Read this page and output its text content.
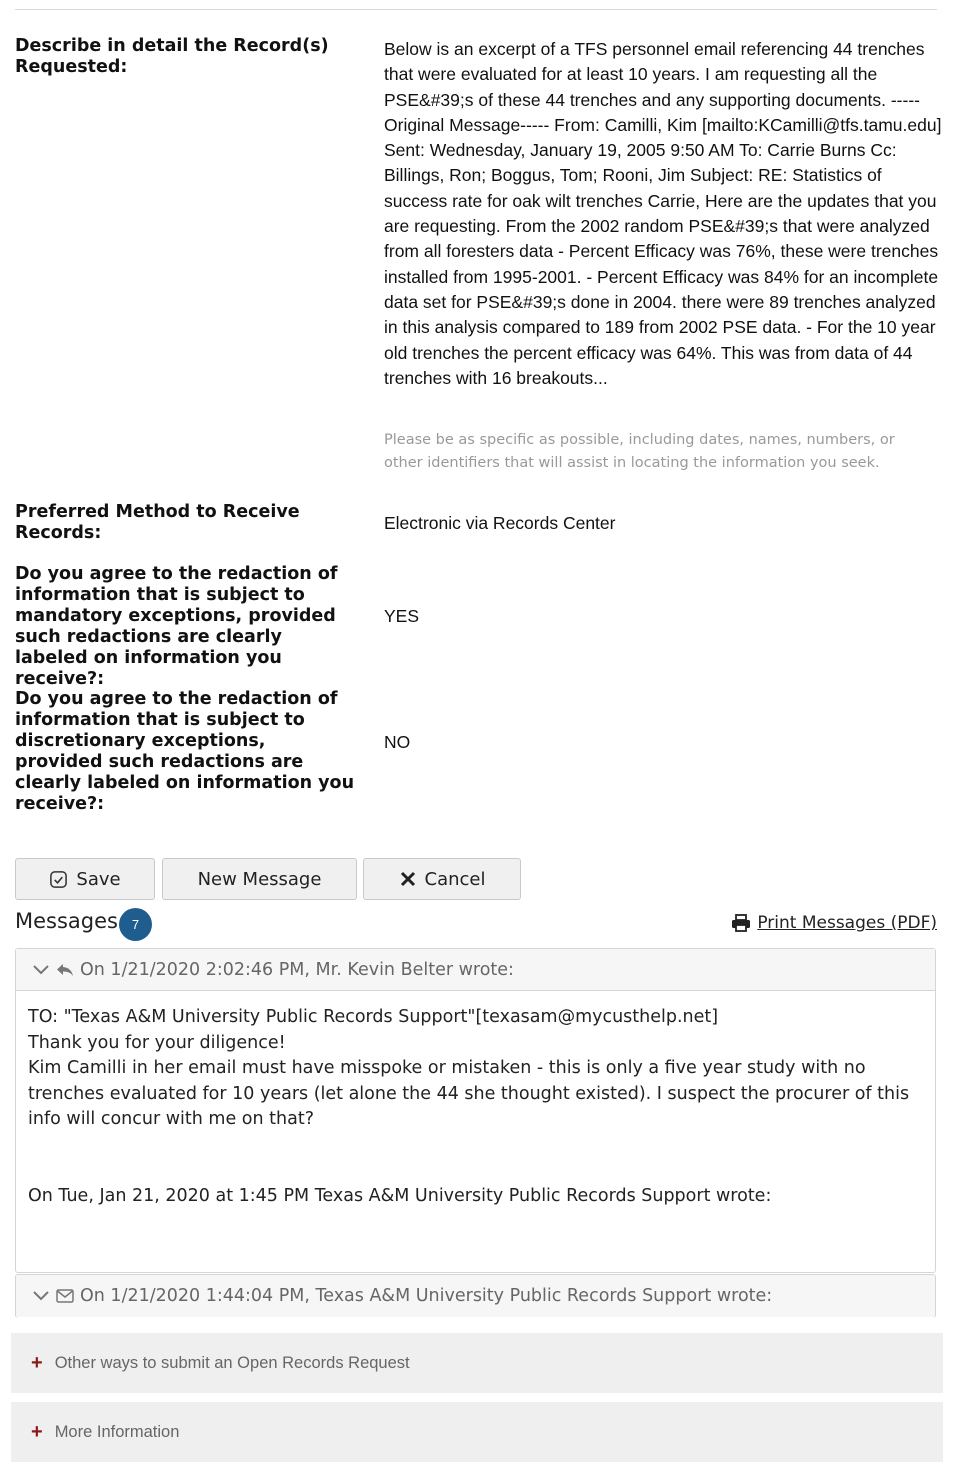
Describe in detail the Record(s) Requested:
Below is an excerpt of a TFS personnel email referencing 44 trenches that were evaluated for at least 10 years. I am requesting all the PSE&#39;s of these 44 trenches and any supporting documents. -----Original Message----- From: Camilli, Kim [mailto:KCamilli@tfs.tamu.edu] Sent: Wednesday, January 19, 2005 9:50 AM To: Carrie Burns Cc: Billings, Ron; Boggus, Tom; Rooni, Jim Subject: RE: Statistics of success rate for oak wilt trenches Carrie, Here are the updates that you are requesting. From the 2002 random PSE&#39;s that were analyzed from all foresters data - Percent Efficacy was 76%, these were trenches installed from 1995-2001. - Percent Efficacy was 84% for an incomplete data set for PSE&#39;s done in 2004. there were 89 trenches analyzed in this analysis compared to 189 from 2002 PSE data. - For the 10 year old trenches the percent efficacy was 64%. This was from data of 44 trenches with 16 breakouts...
Please be as specific as possible, including dates, names, numbers, or other identifiers that will assist in locating the information you seek.
Preferred Method to Receive Records:	Electronic via Records Center
Do you agree to the redaction of information that is subject to mandatory exceptions, provided such redactions are clearly labeled on information you receive?:
YES
Do you agree to the redaction of information that is subject to discretionary exceptions, provided such redactions are clearly labeled on information you receive?:
NO
Save	New Message	Cancel
Messages	7	Print Messages (PDF)
On 1/21/2020 2:02:46 PM, Mr. Kevin Belter wrote:
TO: "Texas A&M University Public Records Support"[texasam@mycusthelp.net]
Thank you for your diligence!
Kim Camilli in her email must have misspoke or mistaken - this is only a five year study with no trenches evaluated for 10 years (let alone the 44 she thought existed). I suspect the procurer of this info will concur with me on that?
On Tue, Jan 21, 2020 at 1:45 PM Texas A&M University Public Records Support wrote:
On 1/21/2020 1:44:04 PM, Texas A&M University Public Records Support wrote:
+ Other ways to submit an Open Records Request
+ More Information
